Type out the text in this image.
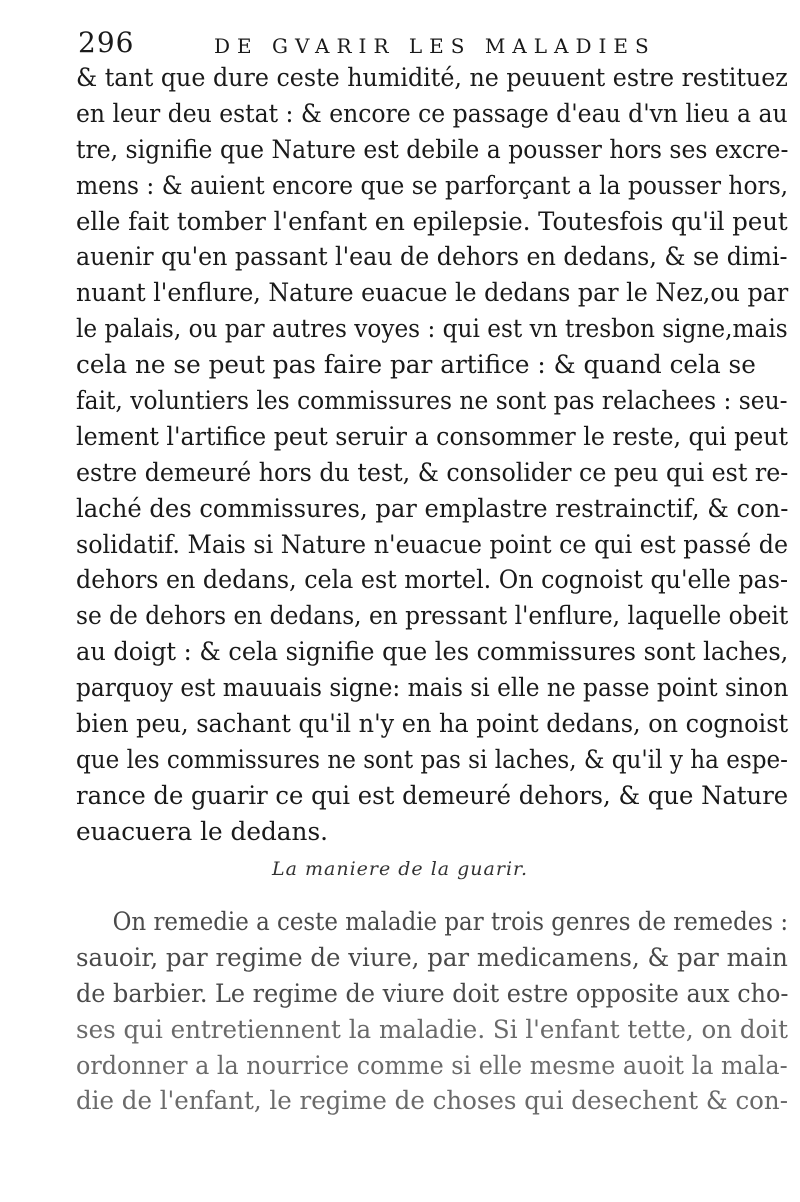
296	DE GVARIR LES MALADIES
& tant que dure ceste humidité, ne peuuent estre restituez
en leur deu estat : & encore ce passage d'eau d'vn lieu a au
tre, signifie que Nature est debile a pousser hors ses excre-
mens : & auient encore que se parforçant a la pousser hors,
elle fait tomber l'enfant en epilepsie. Toutesfois qu'il peut
auenir qu'en passant l'eau de dehors en dedans, & se dimi-
nuant l'enflure, Nature euacue le dedans par le Nez,ou par
le palais, ou par autres voyes : qui est vn tresbon signe,mais
cela ne se peut pas faire par artifice : & quand cela se
fait, voluntiers les commissures ne sont pas relachees : seu-
lement l'artifice peut seruir a consommer le reste, qui peut
estre demeuré hors du test, & consolider ce peu qui est re-
laché des commissures, par emplastre restrainctif, & con-
solidatif. Mais si Nature n'euacue point ce qui est passé de
dehors en dedans, cela est mortel. On cognoist qu'elle pas-
se de dehors en dedans, en pressant l'enflure, laquelle obeit
au doigt : & cela signifie que les commissures sont laches,
parquoy est mauuais signe: mais si elle ne passe point sinon
bien peu, sachant qu'il n'y en ha point dedans, on cognoist
que les commissures ne sont pas si laches, & qu'il y ha espe-
rance de guarir ce qui est demeuré dehors, & que Nature
euacuera le dedans.
La maniere de la guarir.
On remedie a ceste maladie par trois genres de remedes :
sauoir, par regime de viure, par medicamens, & par main
de barbier. Le regime de viure doit estre opposite aux cho-
ses qui entretiennent la maladie. Si l'enfant tette, on doit
ordonner a la nourrice comme si elle mesme auoit la mala-
die de l'enfant, le regime de choses qui desechent & con-
